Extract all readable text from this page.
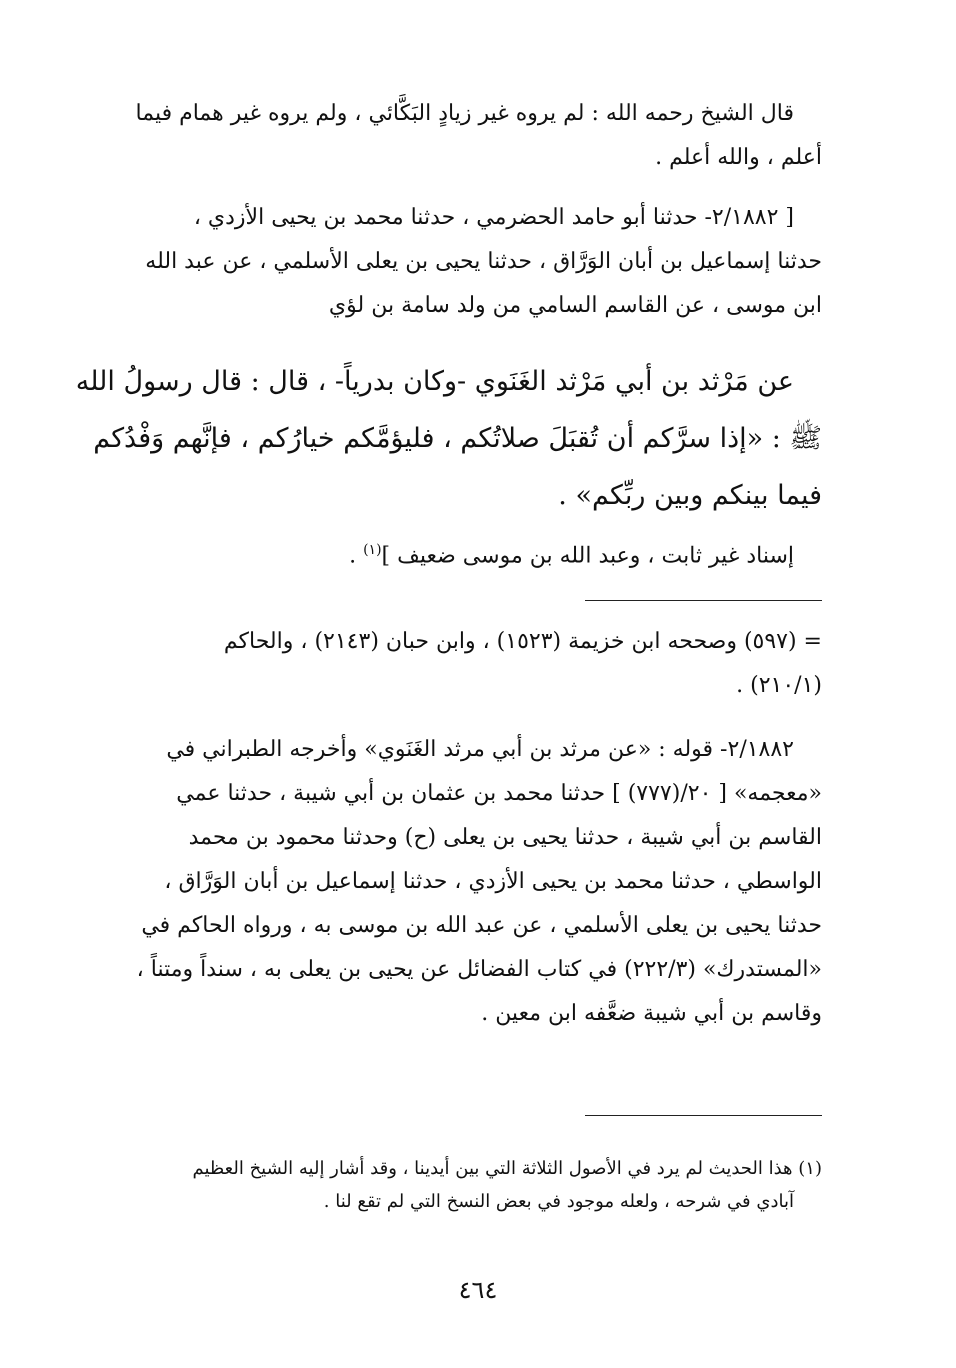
قال الشيخ رحمه الله : لم يروه غير زيادٍ البَكَّائي ، ولم يروه غير همام فيما
أعلم ، والله أعلم .
[ ٢/١٨٨٢- حدثنا أبو حامد الحضرمي ، حدثنا محمد بن يحيى الأزدي ،
حدثنا إسماعيل بن أبان الوَرَّاق ، حدثنا يحيى بن يعلى الأسلمي ، عن عبد الله
ابن موسى ، عن القاسم السامي من ولد سامة بن لؤي
عن مَرْثد بن أبي مَرْثد الغَنَوي -وكان بدرياً- ، قال : قال رسولُ الله
ﷺ : «إذا سرَّكم أن تُقبَلَ صلاتُكم ، فليؤمَّكم خيارُكم ، فإنَّهم وَفْدُكم
فيما بينكم وبين ربِّكم» .
إسناد غير ثابت ، وعبد الله بن موسى ضعيف ]$^{(١)}$ .
= (٥٩٧) وصححه ابن خزيمة (١٥٢٣) ، وابن حبان (٢١٤٣) ، والحاكم
(٢١٠/١) .
٢/١٨٨٢- قوله : «عن مرثد بن أبي مرثد الغَنَوي» وأخرجه الطبراني في
«معجمه» [ ٢٠/(٧٧٧) ] حدثنا محمد بن عثمان بن أبي شيبة ، حدثنا عمي
القاسم بن أبي شيبة ، حدثنا يحيى بن يعلى (ح) وحدثنا محمود بن محمد
الواسطي ، حدثنا محمد بن يحيى الأزدي ، حدثنا إسماعيل بن أبان الوَرَّاق ،
حدثنا يحيى بن يعلى الأسلمي ، عن عبد الله بن موسى به ، ورواه الحاكم في
«المستدرك» (٢٢٢/٣) في كتاب الفضائل عن يحيى بن يعلى به ، سنداً ومتناً ،
وقاسم بن أبي شيبة ضعَّفه ابن معين .
(١) هذا الحديث لم يرد في الأصول الثلاثة التي بين أيدينا ، وقد أشار إليه الشيخ العظيم
آبادي في شرحه ، ولعله موجود في بعض النسخ التي لم تقع لنا .
٤٦٤
